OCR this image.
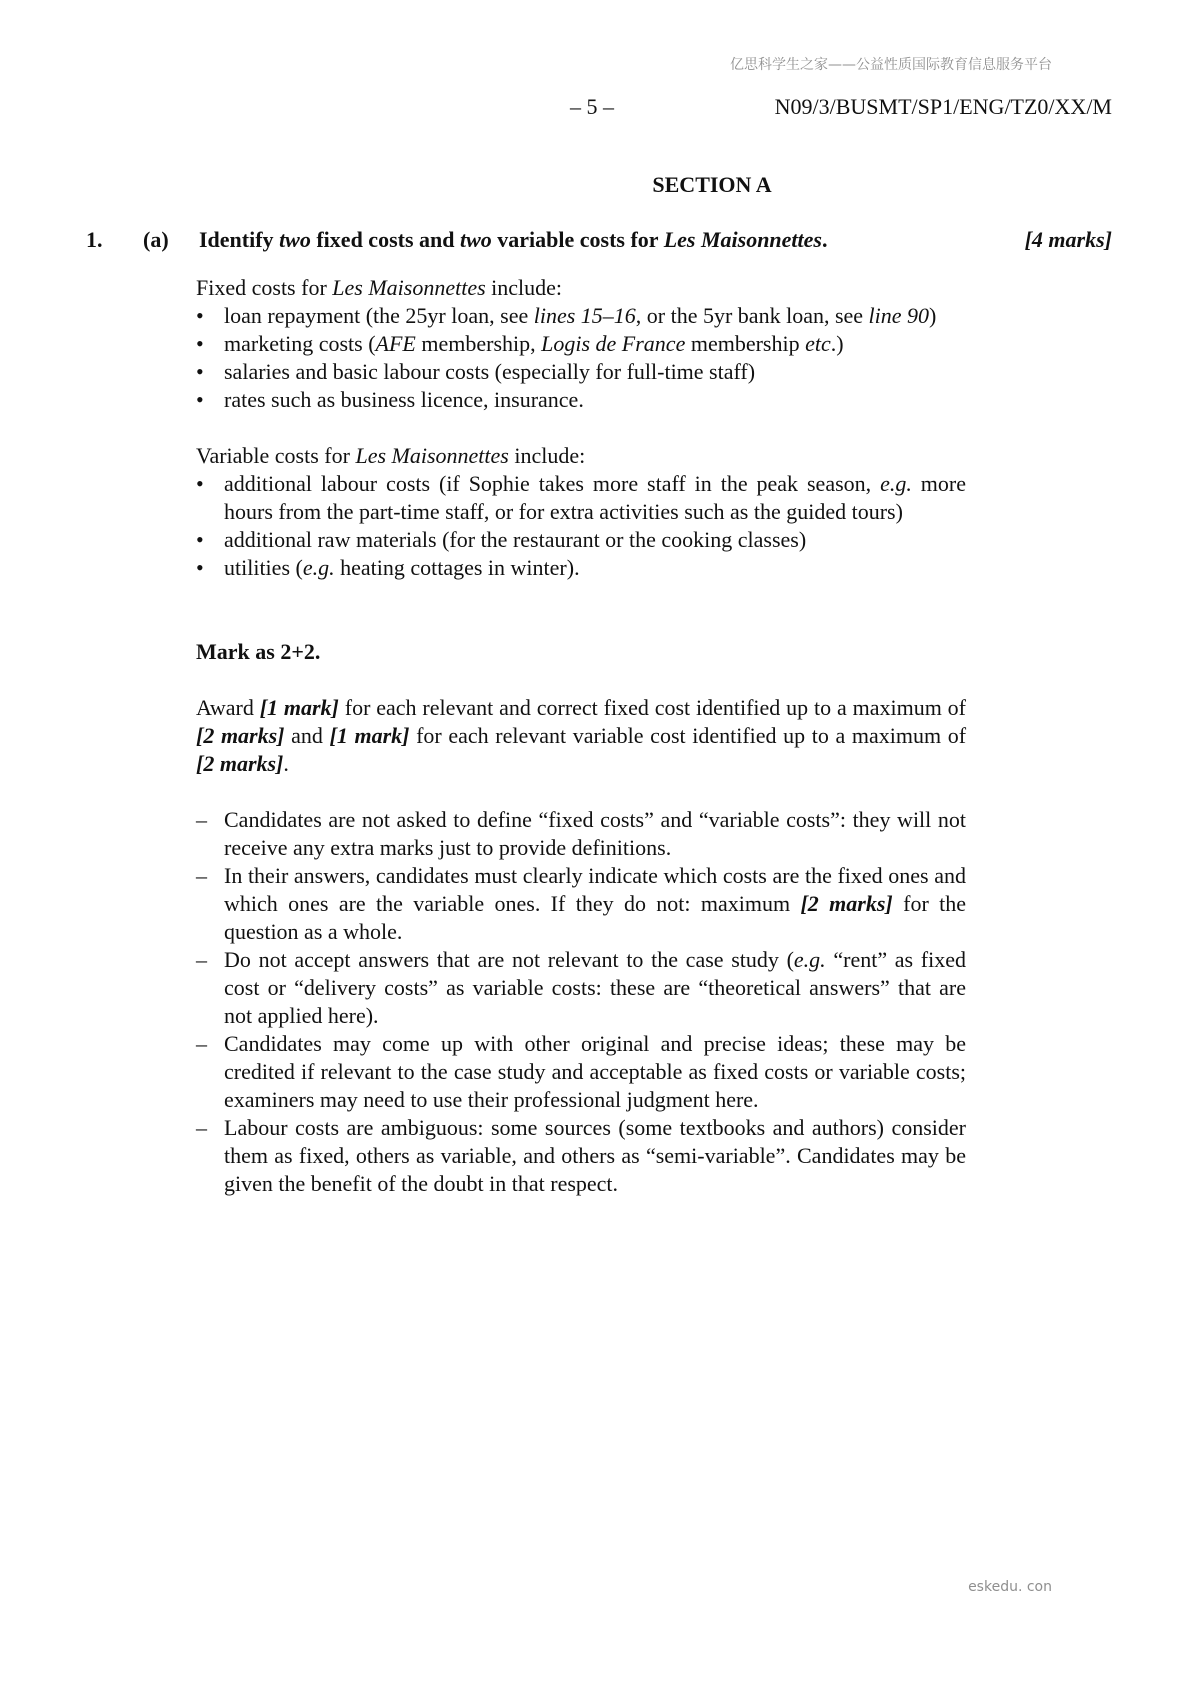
亿思科学生之家——公益性质国际教育信息服务平台
– 5 –	N09/3/BUSMT/SP1/ENG/TZ0/XX/M
SECTION A
1. (a) Identify two fixed costs and two variable costs for Les Maisonnettes.	[4 marks]

Fixed costs for Les Maisonnettes include:

• loan repayment (the 25yr loan, see lines 15–16, or the 5yr bank loan, see line 90)
• marketing costs (AFE membership, Logis de France membership etc.)
• salaries and basic labour costs (especially for full-time staff)
• rates such as business licence, insurance.

Variable costs for Les Maisonnettes include:

• additional labour costs (if Sophie takes more staff in the peak season, e.g. more hours from the part-time staff, or for extra activities such as the guided tours)
• additional raw materials (for the restaurant or the cooking classes)
• utilities (e.g. heating cottages in winter).

Mark as 2+2.

Award [1 mark] for each relevant and correct fixed cost identified up to a maximum of [2 marks] and [1 mark] for each relevant variable cost identified up to a maximum of [2 marks].

– Candidates are not asked to define “fixed costs” and “variable costs”: they will not receive any extra marks just to provide definitions.
– In their answers, candidates must clearly indicate which costs are the fixed ones and which ones are the variable ones. If they do not: maximum [2 marks] for the question as a whole.
– Do not accept answers that are not relevant to the case study (e.g. “rent” as fixed cost or “delivery costs” as variable costs: these are “theoretical answers” that are not applied here).
– Candidates may come up with other original and precise ideas; these may be credited if relevant to the case study and acceptable as fixed costs or variable costs; examiners may need to use their professional judgment here.
– Labour costs are ambiguous: some sources (some textbooks and authors) consider them as fixed, others as variable, and others as “semi-variable”. Candidates may be given the benefit of the doubt in that respect.
eskedu. con
